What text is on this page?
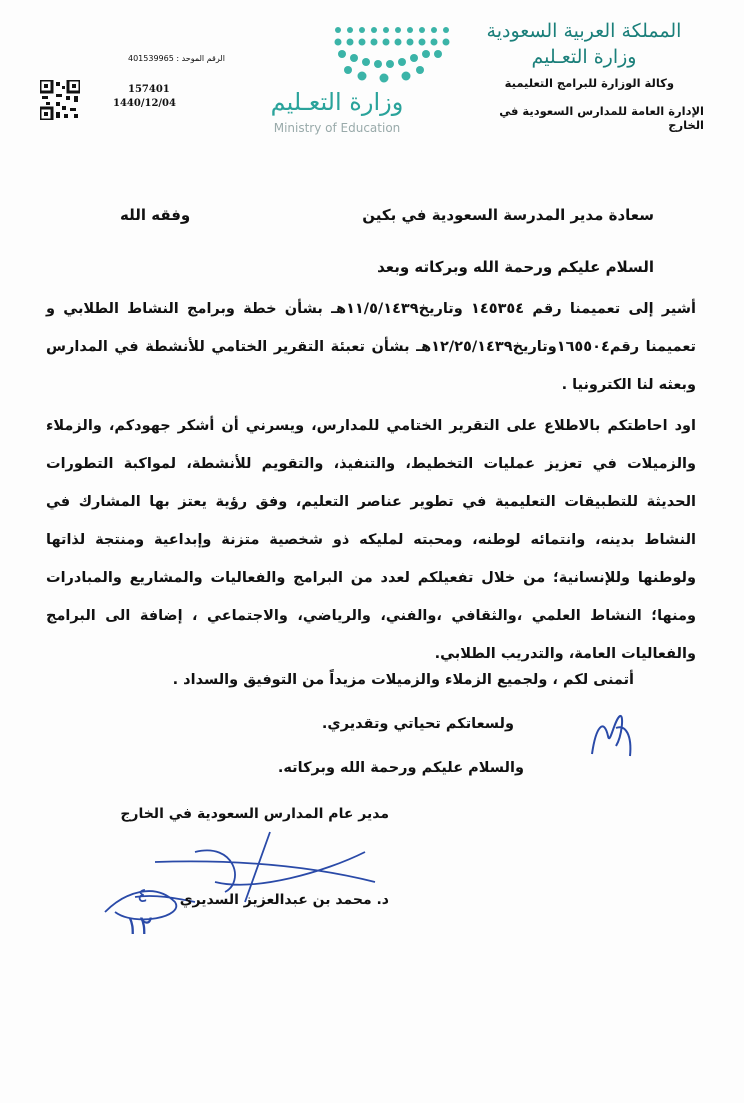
المملكة العربية السعودية
وزارة التعـليم
وكالة الوزارة للبرامج التعليمية
الإدارة العامة للمدارس السعودية في الخارج
وزارة التعـليم
Ministry of Education
الرقم الموحد : 401539965
157401
1440/12/04
سعادة مدير المدرسة السعودية في بكين
وفقه الله
السلام عليكم ورحمة الله وبركاته وبعد
أشير إلى تعميمنا رقم ١٤٥٣٥٤ وتاريخ١١/٥/١٤٣٩هـ بشأن خطة وبرامج النشاط الطلابي و تعميمنا رقم١٦٥٥٠٤وتاريخ١٢/٢٥/١٤٣٩هـ بشأن تعبئة التقرير الختامي للأنشطة في المدارس وبعثه لنا الكترونيا .
اود احاطتكم بالاطلاع على التقرير الختامي للمدارس، ويسرني أن أشكر جهودكم، والزملاء والزميلات في تعزيز عمليات التخطيط، والتنفيذ، والتقويم للأنشطة، لمواكبة التطورات الحديثة للتطبيقات التعليمية في تطوير عناصر التعليم، وفق رؤية يعتز بها المشارك في النشاط بدينه، وانتمائه لوطنه، ومحبته لمليكه ذو شخصية متزنة وإبداعية ومنتجة لذاتها ولوطنها وللإنسانية؛ من خلال تفعيلكم لعدد من البرامج والفعاليات والمشاريع والمبادرات ومنها؛ النشاط العلمي ،والثقافي ،والفني، والرياضي، والاجتماعي ، إضافة الى البرامج والفعاليات العامة، والتدريب الطلابي.
أتمنى لكم ، ولجميع الزملاء والزميلات مزيداً من التوفيق والسداد .
ولسعاتكم تحياتي وتقديري.
والسلام عليكم ورحمة الله وبركاته.
مدير عام المدارس السعودية في الخارج
٤
١٢
د. محمد بن عبدالعزيز السديري
